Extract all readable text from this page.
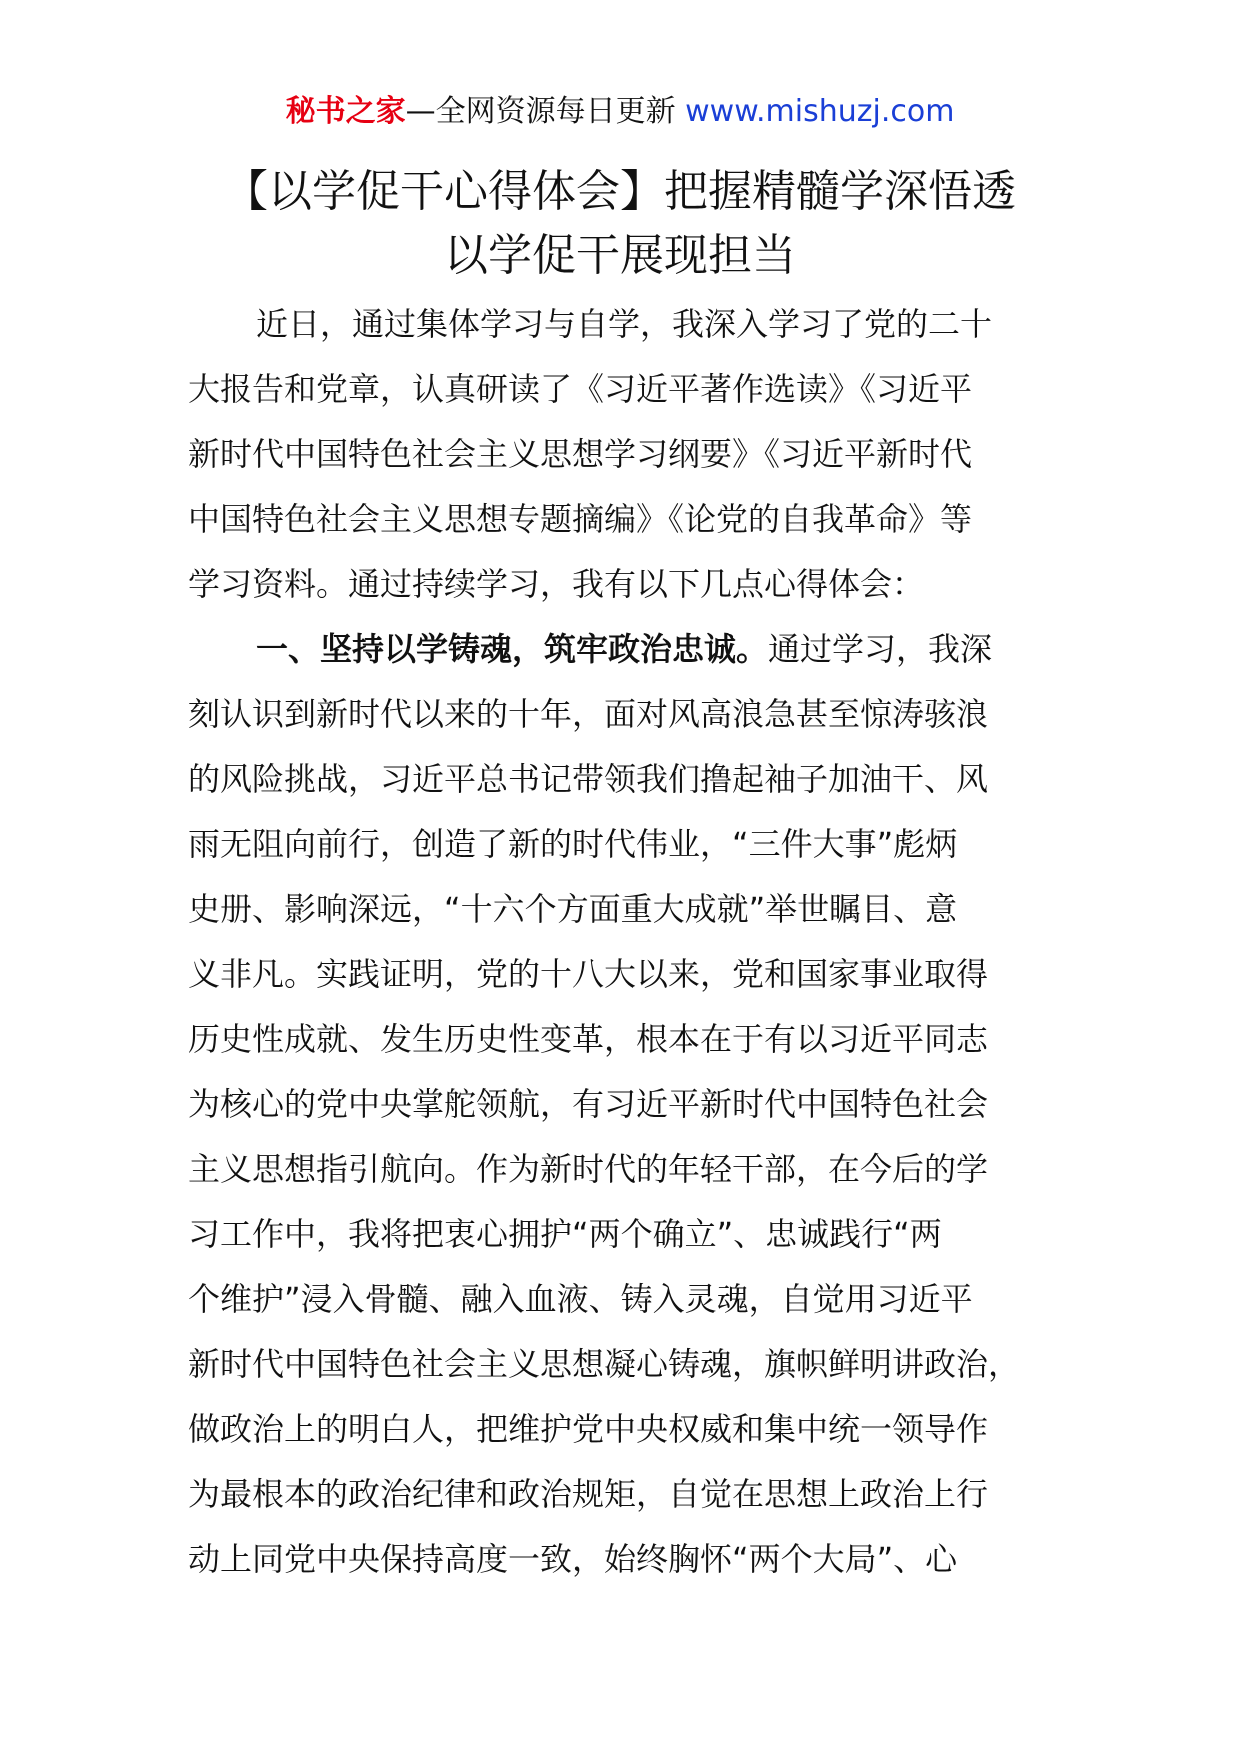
秘书之家—全网资源每日更新 www.mishuzj.com
【以学促干心得体会】把握精髓学深悟透
以学促干展现担当

近日，通过集体学习与自学，我深入学习了党的二十

大报告和党章，认真研读了《习近平著作选读》《习近平

新时代中国特色社会主义思想学习纲要》《习近平新时代

中国特色社会主义思想专题摘编》《论党的自我革命》等

学习资料。通过持续学习，我有以下几点心得体会：

一、坚持以学铸魂，筑牢政治忠诚。通过学习，我深

刻认识到新时代以来的十年，面对风高浪急甚至惊涛骇浪

的风险挑战，习近平总书记带领我们撸起袖子加油干、风

雨无阻向前行，创造了新的时代伟业，“三件大事”彪炳

史册、影响深远，“十六个方面重大成就”举世瞩目、意

义非凡。实践证明，党的十八大以来，党和国家事业取得

历史性成就、发生历史性变革，根本在于有以习近平同志

为核心的党中央掌舵领航，有习近平新时代中国特色社会

主义思想指引航向。作为新时代的年轻干部，在今后的学

习工作中，我将把衷心拥护“两个确立”、忠诚践行“两

个维护”浸入骨髓、融入血液、铸入灵魂，自觉用习近平

新时代中国特色社会主义思想凝心铸魂，旗帜鲜明讲政治，

做政治上的明白人，把维护党中央权威和集中统一领导作

为最根本的政治纪律和政治规矩，自觉在思想上政治上行

动上同党中央保持高度一致，始终胸怀“两个大局”、心
